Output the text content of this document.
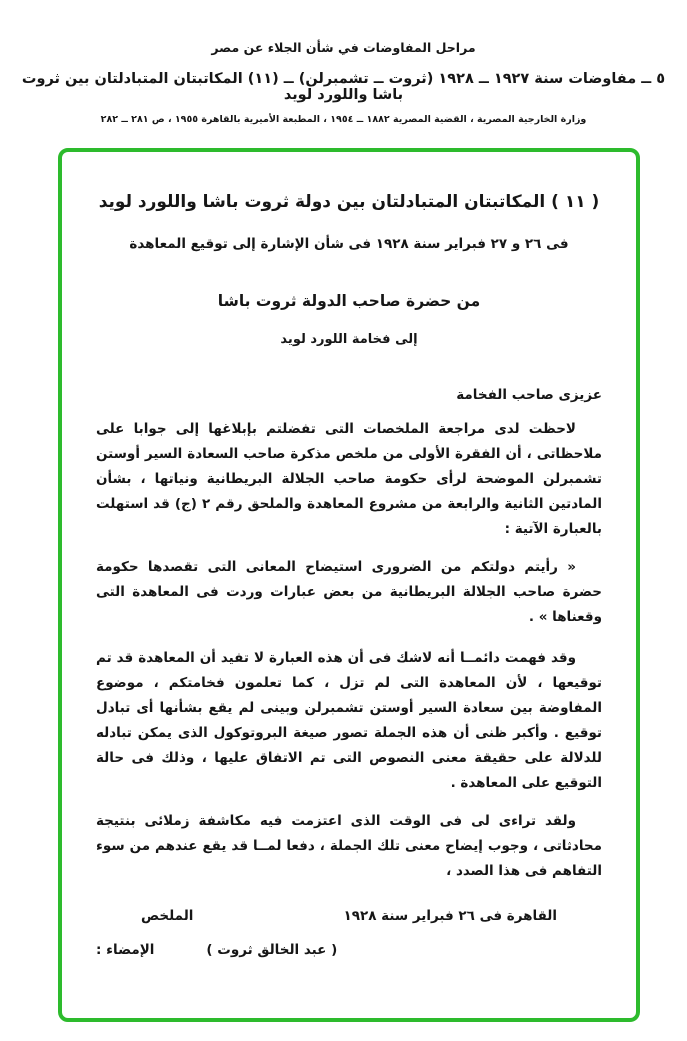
مراحل المفاوضات في شأن الجلاء عن مصر
٥ ــ مفاوضات سنة ١٩٢٧ ــ ١٩٢٨ (ثروت ــ تشمبرلن) ــ (١١) المكاتبتان المتبادلتان بين ثروت باشا واللورد لويد
وزارة الخارجية المصرية ، القضية المصرية ١٨٨٢ ــ ١٩٥٤ ، المطبعة الأميرية بالقاهرة ١٩٥٥ ، ص ٢٨١ ــ ٢٨٢
( ١١ ) المكاتبتان المتبادلتان بين دولة ثروت باشا واللورد لويد
فى ٢٦ و ٢٧ فبراير سنة ١٩٢٨ فى شأن الإشارة إلى توقيع المعاهدة
من حضرة صاحب الدولة ثروت باشا
إلى فخامة اللورد لويد
عزيزى صاحب الفخامة

لاحظت لدى مراجعة الملخصات التى تفضلتم بإبلاغها إلى جوابا على ملاحظاتى ، أن الفقرة الأولى من ملخص مذكرة صاحب السعادة السير أوستن تشمبرلن الموضحة لرأى حكومة صاحب الجلالة البريطانية ونياتها ، بشأن المادتين الثانية والرابعة من مشروع المعاهدة والملحق رقم ٢ (ج) قد استهلت بالعبارة الآتية :

« رأيتم دولتكم من الضرورى استيضاح المعانى التى تقصدها حكومة حضرة صاحب الجلالة البريطانية من بعض عبارات وردت فى المعاهدة التى وقعناها » .

وقد فهمت دائمــا أنه لاشك فى أن هذه العبارة لا تفيد أن المعاهدة قد تم توقيعها ، لأن المعاهدة التى لم تزل ، كما تعلمون فخامتكم ، موضوع المفاوضة بين سعادة السير أوستن تشمبرلن وبينى لم يقع بشأنها أى تبادل توقيع . وأكبر ظنى أن هذه الجملة تصور صيغة البروتوكول الذى يمكن تبادله للدلالة على حقيقة معنى النصوص التى تم الاتفاق عليها ، وذلك فى حالة التوقيع على المعاهدة .

ولقد تراءى لى فى الوقت الذى اعتزمت فيه مكاشفة زملائى بنتيجة محادثاتى ، وجوب إيضاح معنى تلك الجملة ، دفعا لمــا قد يقع عندهم من سوء التفاهم فى هذا الصدد ،

الملخص	القاهرة فى ٢٦ فبراير سنة ١٩٢٨
الإمضاء :	( عبد الخالق ثروت )
